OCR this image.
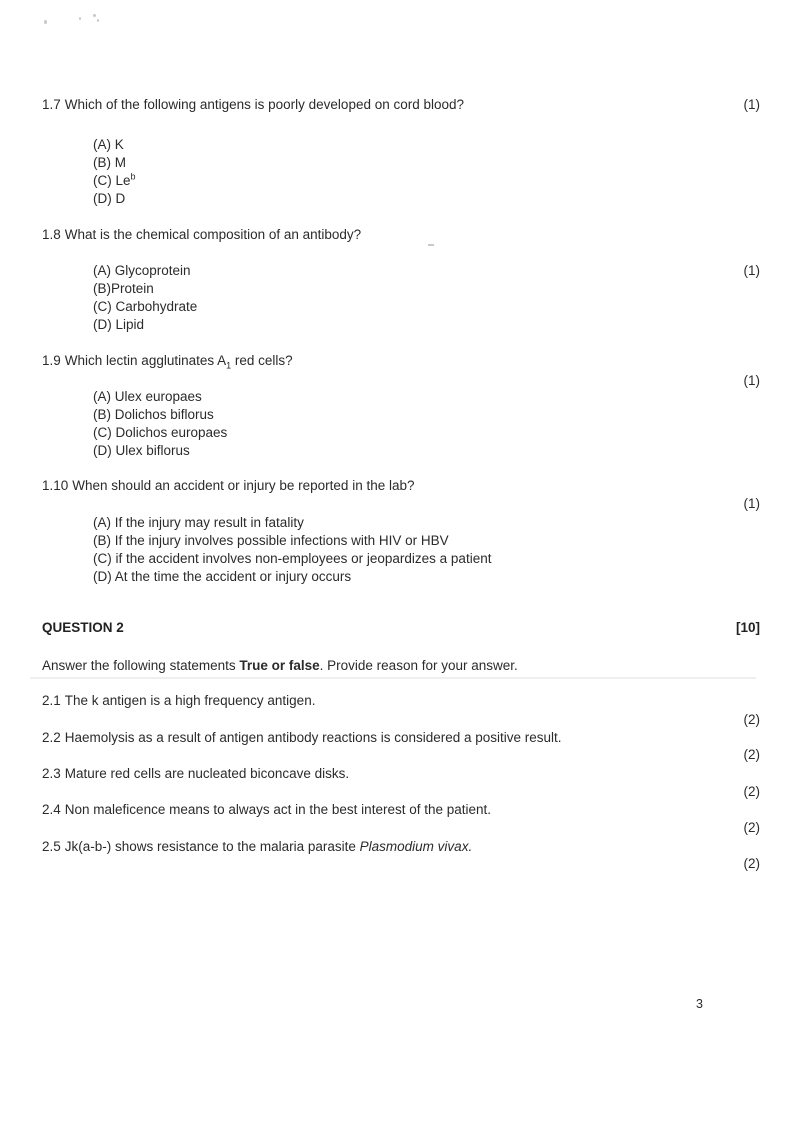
1.7 Which of the following antigens is poorly developed on cord blood?	(1)
(A) K
(B) M
(C) Le$^b$
(D) D
1.8 What is the chemical composition of an antibody?
(A) Glycoprotein
(B)Protein
(C) Carbohydrate
(D) Lipid
(1)
1.9 Which lectin agglutinates $A_1$ red cells?
(1)
(A) Ulex europaes
(B) Dolichos biflorus
(C) Dolichos europaes
(D) Ulex biflorus
1.10 When should an accident or injury be reported in the lab?
(1)
(A) If the injury may result in fatality
(B) If the injury involves possible infections with HIV or HBV
(C) if the accident involves non-employees or jeopardizes a patient
(D) At the time the accident or injury occurs
QUESTION 2	[10]
Answer the following statements True or false. Provide reason for your answer.
2.1 The k antigen is a high frequency antigen.
(2)
2.2 Haemolysis as a result of antigen antibody reactions is considered a positive result.
(2)
2.3 Mature red cells are nucleated biconcave disks.
(2)
2.4 Non maleficence means to always act in the best interest of the patient.
(2)
2.5 Jk(a-b-) shows resistance to the malaria parasite Plasmodium vivax.
(2)
3
